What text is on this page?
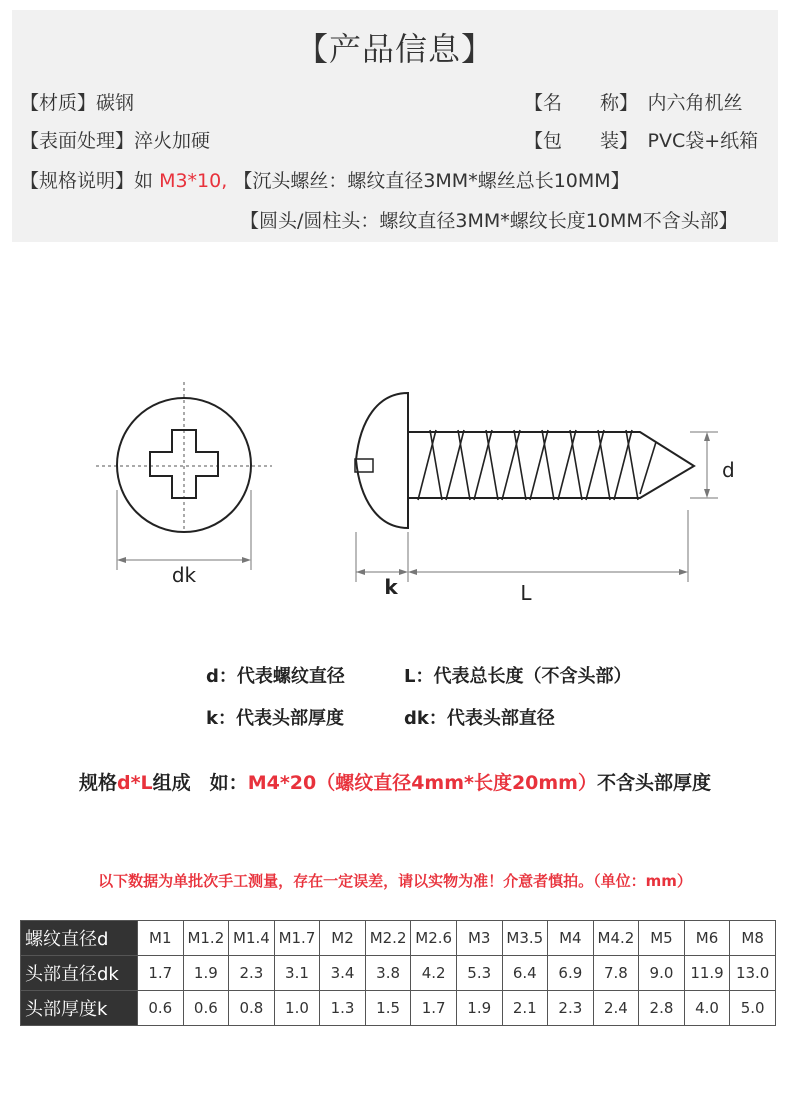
【产品信息】
【材质】碳钢	【名　　称】　 内六角机丝
【表面处理】淬火加硬	【包　　装】　 PVC袋+纸箱
【规格说明】如 M3*10, 【沉头螺丝：螺纹直径3MM*螺丝总长10MM】
【圆头/圆柱头：螺纹直径3MM*螺纹长度10MM不含头部】
dk
d
k	L
d：代表螺纹直径	L：代表总长度（不含头部）
k：代表头部厚度	dk：代表头部直径
规格d*L组成　如：M4*20（螺纹直径4mm*长度20mm）不含头部厚度
以下数据为单批次手工测量，存在一定误差，请以实物为准！介意者慎拍。（单位：mm）
螺纹直径d	M1	M1.2	M1.4	M1.7	M2	M2.2	M2.6	M3	M3.5	M4	M4.2	M5	M6	M8
头部直径dk	1.7	1.9	2.3	3.1	3.4	3.8	4.2	5.3	6.4	6.9	7.8	9.0	11.9	13.0
头部厚度k	0.6	0.6	0.8	1.0	1.3	1.5	1.7	1.9	2.1	2.3	2.4	2.8	4.0	5.0
